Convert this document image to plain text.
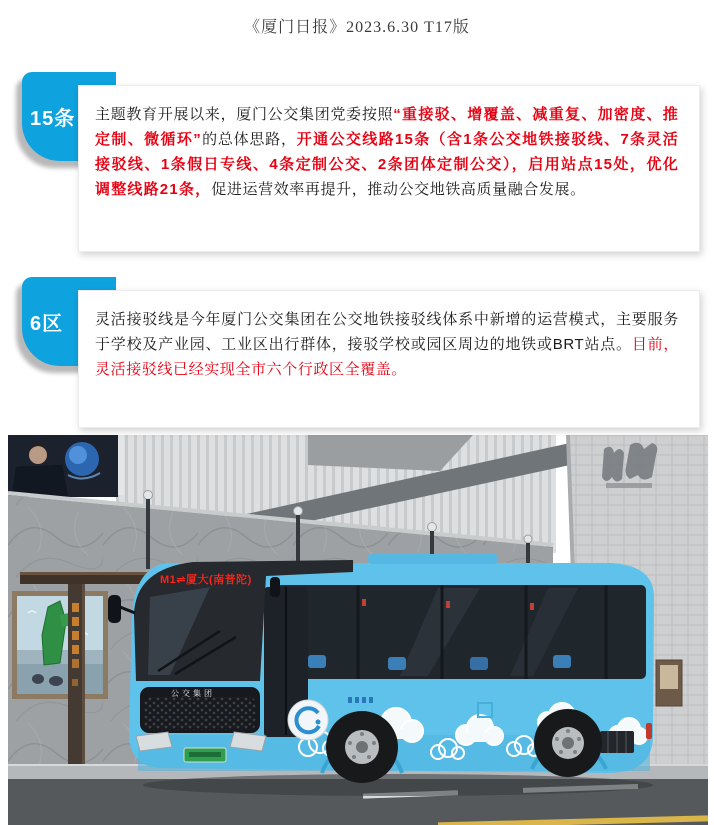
《厦门日报》2023.6.30 T17版
15条 主题教育开展以来，厦门公交集团党委按照“重接驳、增覆盖、减重复、加密度、推定制、微循环”的总体思路，开通公交线路15条（含1条公交地铁接驳线、7条灵活接驳线、1条假日专线、4条定制公交、2条团体定制公交），启用站点15处，优化调整线路21条，促进运营效率再提升，推动公交地铁高质量融合发展。

6区 灵活接驳线是今年厦门公交集团在公交地铁接驳线体系中新增的运营模式，主要服务于学校及产业园、工业区出行群体，接驳学校或园区周边的地铁或BRT站点。目前，灵活接驳线已经实现全市六个行政区全覆盖。

M1⇌厦大(南普陀)
公交集团
